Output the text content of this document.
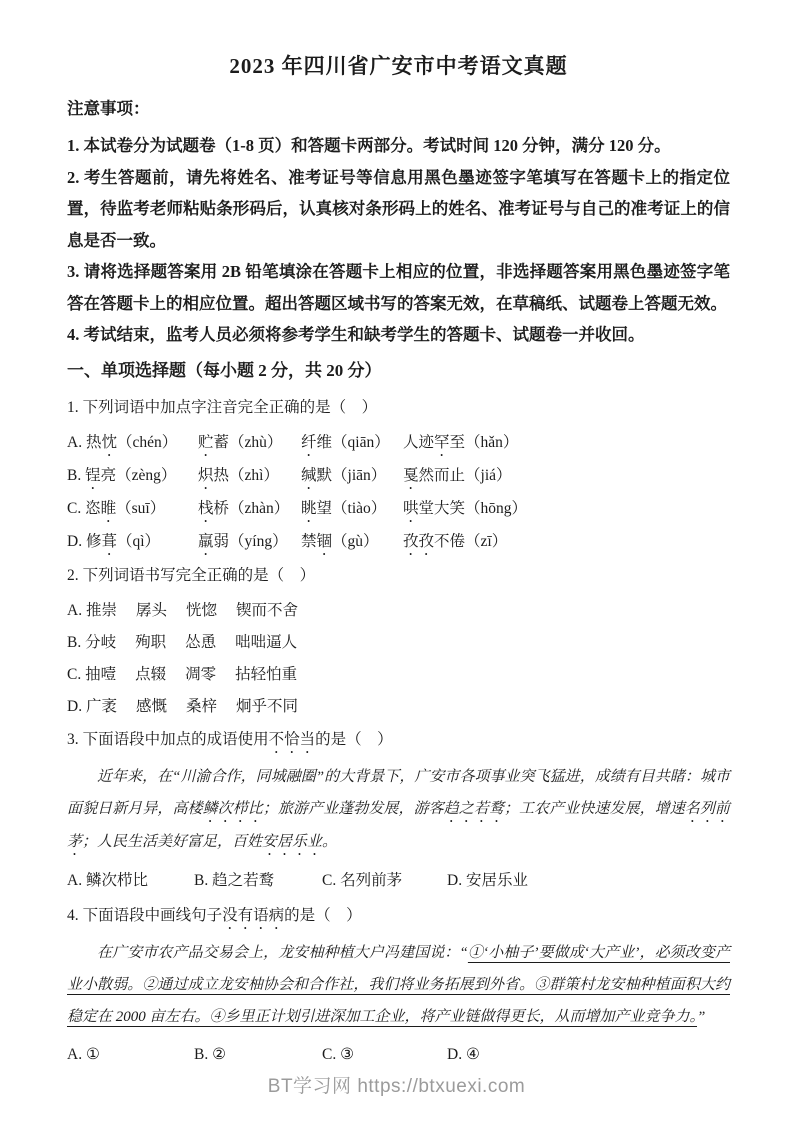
2023 年四川省广安市中考语文真题

注意事项：

1. 本试卷分为试题卷（1-8 页）和答题卡两部分。考试时间 120 分钟，满分 120 分。

2. 考生答题前，请先将姓名、准考证号等信息用黑色墨迹签字笔填写在答题卡上的指定位置，待监考老师粘贴条形码后，认真核对条形码上的姓名、准考证号与自己的准考证上的信息是否一致。

3. 请将选择题答案用 2B 铅笔填涂在答题卡上相应的位置，非选择题答案用黑色墨迹签字笔答在答题卡上的相应位置。超出答题区域书写的答案无效，在草稿纸、试题卷上答题无效。

4. 考试结束，监考人员必须将参考学生和缺考学生的答题卡、试题卷一并收回。

一、单项选择题（每小题 2 分，共 20 分）

1. 下列词语中加点字注音完全正确的是（　）

A. 热忱（chén）	贮蓄（zhù）	纤维（qiān） 人迹罕至（hǎn）
B. 锃亮（zèng）	炽热（zhì）	缄默（jiān）	戛然而止（jiá）
C. 恣睢（suī）	栈桥（zhàn） 眺望（tiào）	哄堂大笑（hōng）
D. 修葺（qì）	羸弱（yíng） 禁锢（gù）	孜孜不倦（zī）

2. 下列词语书写完全正确的是（　）

A. 推崇 孱头 恍惚 锲而不舍

B. 分岐 殉职 怂恿 咄咄逼人

C. 抽噎 点辍 凋零 拈轻怕重

D. 广袤 感慨 桑梓 炯乎不同

3. 下面语段中加点的成语使用不恰当的是（　）

近年来，在“川渝合作，同城融圈”的大背景下，广安市各项事业突飞猛进，成绩有目共睹：城市面貌日新月异，高楼鳞次栉比；旅游产业蓬勃发展，游客趋之若鹜；工农产业快速发展，增速名列前茅；人民生活美好富足，百姓安居乐业。

A. 鳞次栉比	B. 趋之若鹜	C. 名列前茅	D. 安居乐业

4. 下面语段中画线句子没有语病的是（　）

在广安市农产品交易会上，龙安柚种植大户冯建国说：“①‘小柚子’要做成‘大产业’，必须改变产业小散弱。②通过成立龙安柚协会和合作社，我们将业务拓展到外省。③群策村龙安柚种植面积大约稳定在 2000 亩左右。④乡里正计划引进深加工企业，将产业链做得更长，从而增加产业竞争力。”

A. ①	B. ②	C. ③	D. ④
BT学习网 https://btxuexi.com
